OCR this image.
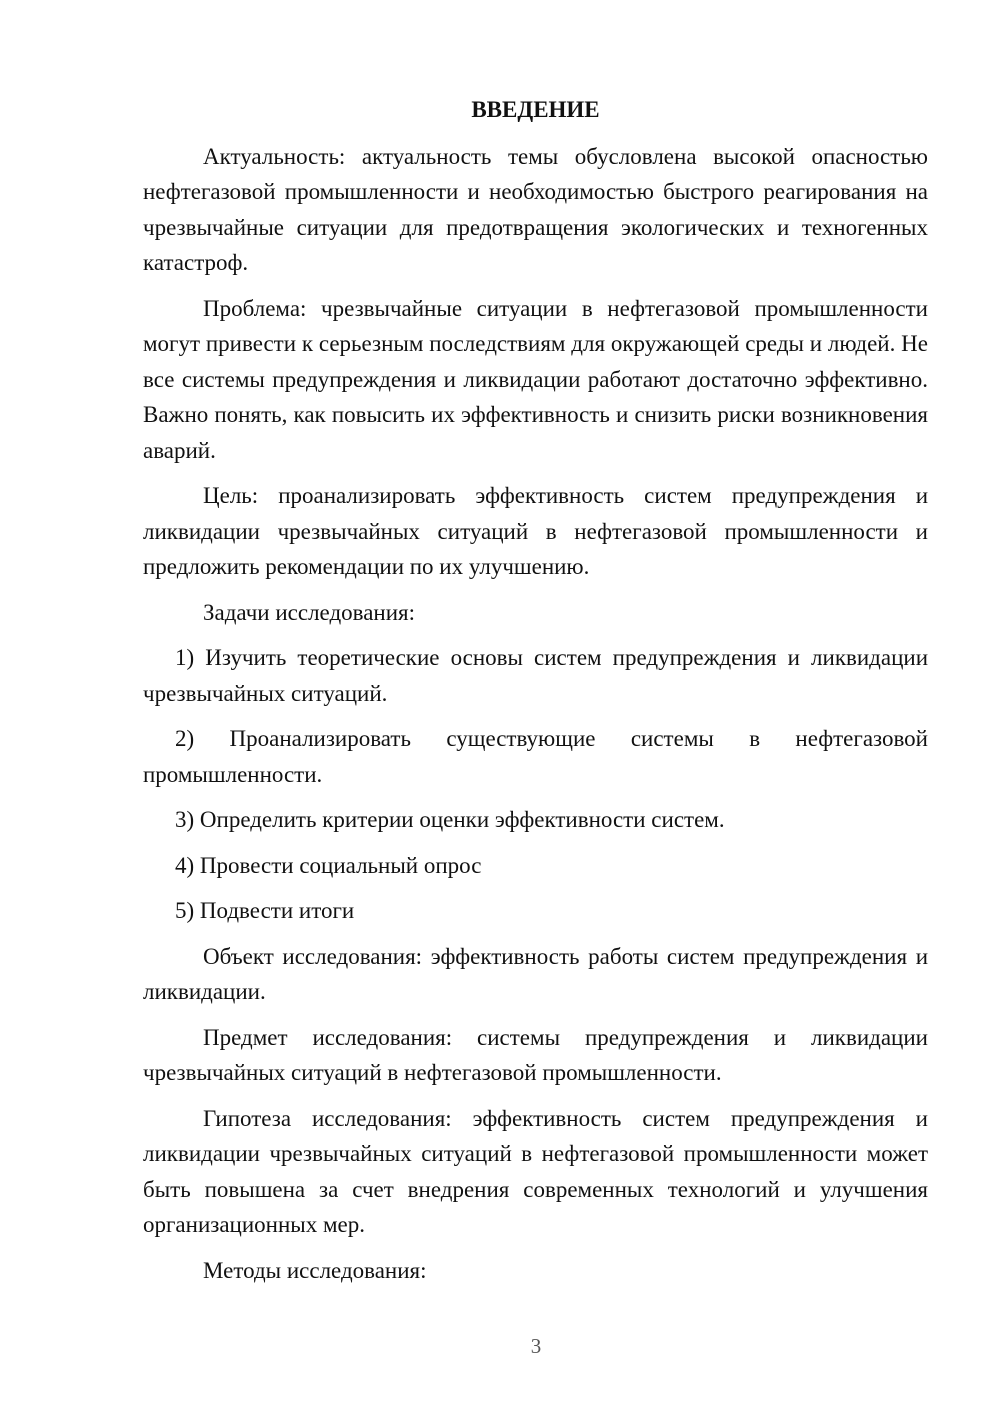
ВВЕДЕНИЕ

Актуальность: актуальность темы обусловлена высокой опасностью нефтегазовой промышленности и необходимостью быстрого реагирования на чрезвычайные ситуации для предотвращения экологических и техногенных катастроф.

Проблема: чрезвычайные ситуации в нефтегазовой промышленности могут привести к серьезным последствиям для окружающей среды и людей. Не все системы предупреждения и ликвидации работают достаточно эффективно. Важно понять, как повысить их эффективность и снизить риски возникновения аварий.

Цель: проанализировать эффективность систем предупреждения и ликвидации чрезвычайных ситуаций в нефтегазовой промышленности и предложить рекомендации по их улучшению.

Задачи исследования:

1) Изучить теоретические основы систем предупреждения и ликвидации чрезвычайных ситуаций.

2) Проанализировать существующие системы в нефтегазовой промышленности.

3) Определить критерии оценки эффективности систем.

4) Провести социальный опрос

5) Подвести итоги

Объект исследования: эффективность работы систем предупреждения и ликвидации.

Предмет исследования: системы предупреждения и ликвидации чрезвычайных ситуаций в нефтегазовой промышленности.

Гипотеза исследования: эффективность систем предупреждения и ликвидации чрезвычайных ситуаций в нефтегазовой промышленности может быть повышена за счет внедрения современных технологий и улучшения организационных мер.

Методы исследования:

3
